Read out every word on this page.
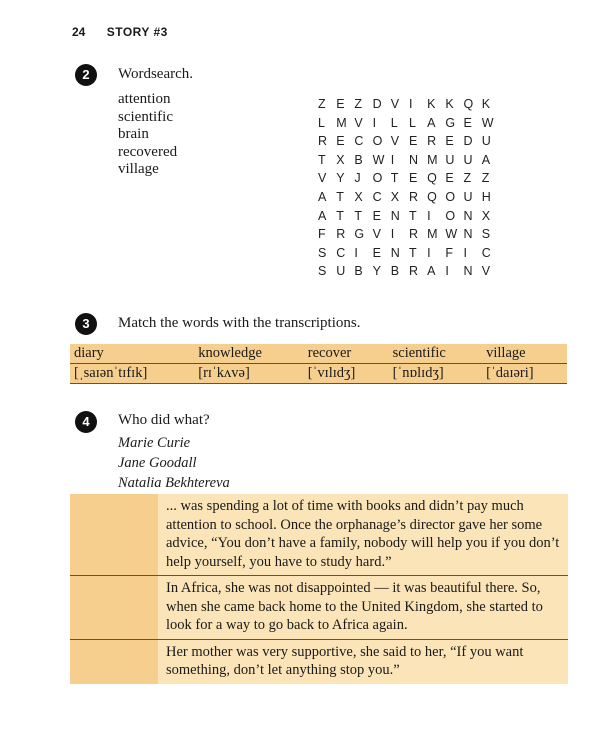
24 STORY #3
2	Wordsearch.
attention
scientific
brain
recovered
village
Z E Z D V I	K K Q K
L M V I	L L A G E W
R E C O V E R E D U
T X B W I	N M U U A
V Y J O T E Q E Z Z
A T X C X R Q O U H
A T T E N T I	O N X
F R G V I	R M W N S
S C I	E N T I	F I	C
S U B Y B R A I	N V
3	Match the words with the transcriptions.
diary	knowledge	recover	scientific	village
[ˌsaɪənˈtɪfɪk]	[rɪˈkʌvə]	[ˈvɪlɪdʒ]	[ˈnɒlɪdʒ]	[ˈdaɪəri]
4	Who did what?
Marie Curie
Jane Goodall
Natalia Bekhtereva
... was spending a lot of time with books and didn’t pay much attention to school. Once the orphanage’s director gave her some advice, “You don’t have a family, nobody will help you if you don’t help yourself, you have to study hard.”
In Africa, she was not disappointed — it was beautiful there. So, when she came back home to the United Kingdom, she started to look for a way to go back to Africa again.
Her mother was very supportive, she said to her, “If you want something, don’t let anything stop you.”
